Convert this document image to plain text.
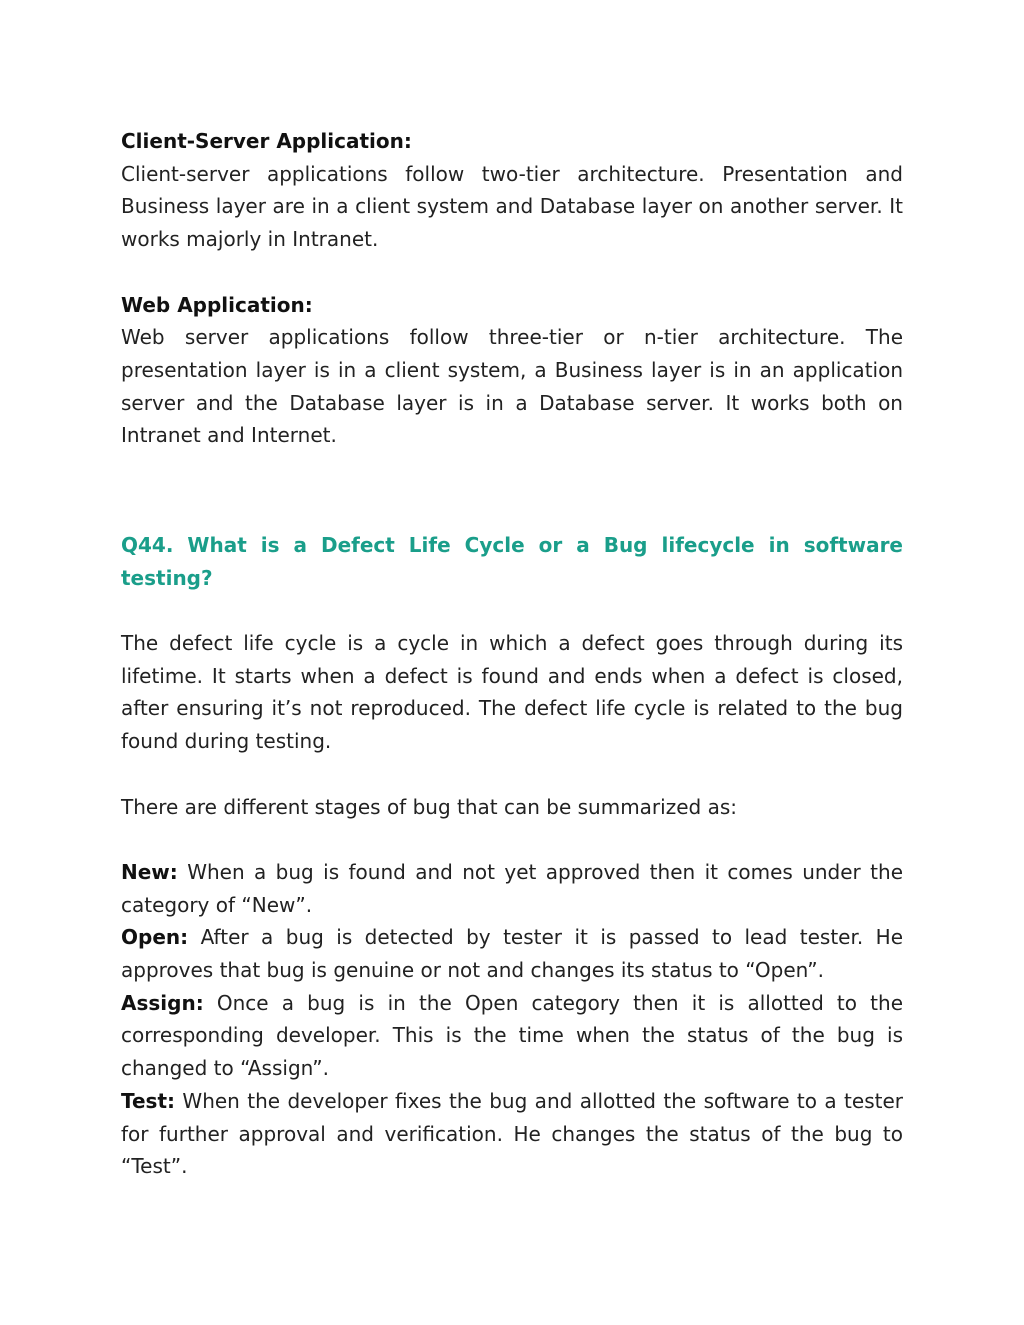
Client-Server Application:

Client-server applications follow two-tier architecture. Presentation and Business layer are in a client system and Database layer on another server. It works majorly in Intranet.

Web Application:

Web server applications follow three-tier or n-tier architecture. The presentation layer is in a client system, a Business layer is in an application server and the Database layer is in a Database server. It works both on Intranet and Internet.

Q44. What is a Defect Life Cycle or a Bug lifecycle in software testing?

The defect life cycle is a cycle in which a defect goes through during its lifetime. It starts when a defect is found and ends when a defect is closed, after ensuring it’s not reproduced. The defect life cycle is related to the bug found during testing.

There are different stages of bug that can be summarized as:

New: When a bug is found and not yet approved then it comes under the category of “New”.

Open: After a bug is detected by tester it is passed to lead tester. He approves that bug is genuine or not and changes its status to “Open”.

Assign: Once a bug is in the Open category then it is allotted to the corresponding developer. This is the time when the status of the bug is changed to “Assign”.

Test: When the developer fixes the bug and allotted the software to a tester for further approval and verification. He changes the status of the bug to “Test”.
